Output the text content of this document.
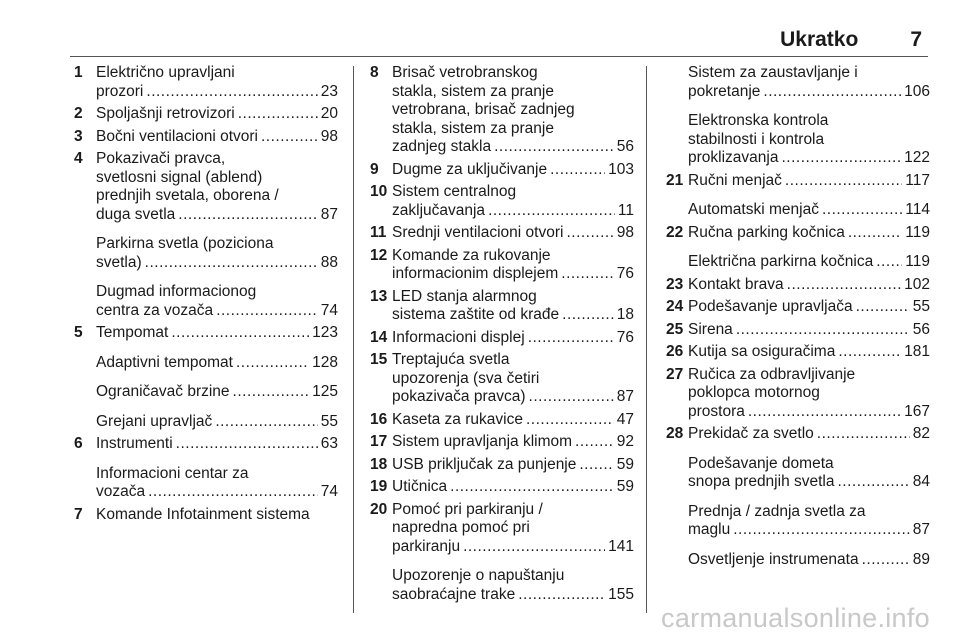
Ukratko 7
1 Električno upravljani
prozori .....	23
2 Spoljašnji retrovizori .....	20
3 Bočni ventilacioni otvori .....	98
4 Pokazivači pravca,
svetlosni signal (ablend)
prednjih svetala, oborena /
duga svetla .....	87
Parkirna svetla (poziciona
svetla) .....	88
Dugmad informacionog
centra za vozača .....	74
5 Tempomat .....	123
Adaptivni tempomat .....	128
Ograničavač brzine .....	125
Grejani upravljač .....	55
6 Instrumenti .....	63
Informacioni centar za
vozača .....	74
7 Komande Infotainment sistema
8 Brisač vetrobranskog
stakla, sistem za pranje
vetrobrana, brisač zadnjeg
stakla, sistem za pranje
zadnjeg stakla .....	56
9 Dugme za uključivanje .....	103
10 Sistem centralnog
zaključavanja .....	11
11 Srednji ventilacioni otvori .....	98
12 Komande za rukovanje
informacionim displejem .....	76
13 LED stanja alarmnog
sistema zaštite od krađe .....	18
14 Informacioni displej .....	76
15 Treptajuća svetla
upozorenja (sva četiri
pokazivača pravca) .....	87
16 Kaseta za rukavice .....	47
17 Sistem upravljanja klimom .....	92
18 USB priključak za punjenje .....	59
19 Utičnica .....	59
20 Pomoć pri parkiranju /
napredna pomoć pri
parkiranju .....	141
Upozorenje o napuštanju
saobraćajne trake .....	155
Sistem za zaustavljanje i
pokretanje .....	106
Elektronska kontrola
stabilnosti i kontrola
proklizavanja .....	122
21 Ručni menjač .....	117
Automatski menjač .....	114
22 Ručna parking kočnica .....	119
Električna parkirna kočnica ..... 119
23 Kontakt brava .....	102
24 Podešavanje upravljača .....	55
25 Sirena .....	56
26 Kutija sa osiguračima .....	181
27 Ručica za odbravljivanje
poklopca motornog
prostora .....	167
28 Prekidač za svetlo .....	82
Podešavanje dometa
snopa prednjih svetla .....	84
Prednja / zadnja svetla za
maglu .....	87
Osvetljenje instrumenata .....	89
carmanualsonline.info
